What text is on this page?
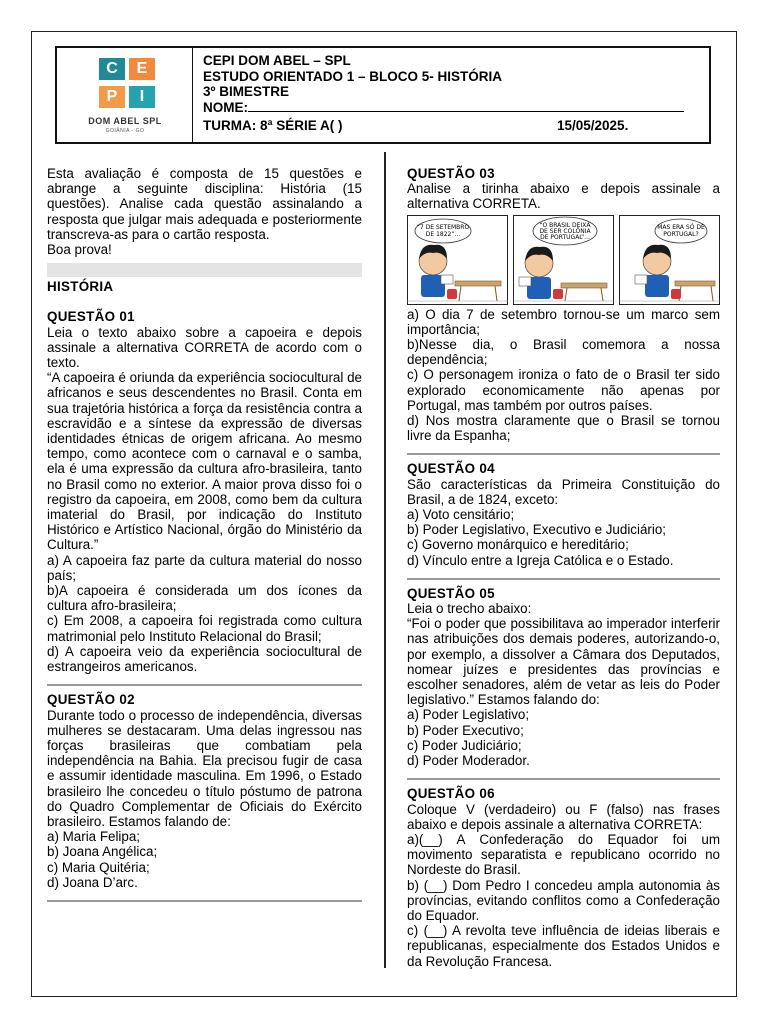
C	E
P	I
DOM ABEL SPL
GOIÂNIA - GO
CEPI DOM ABEL – SPL
ESTUDO ORIENTADO 1 – BLOCO 5- HISTÓRIA
3º BIMESTRE
NOME:
TURMA: 8ª SÉRIE A( )	15/05/2025.
Esta avaliação é composta de 15 questões e abrange a seguinte disciplina: História (15 questões). Analise cada questão assinalando a resposta que julgar mais adequada e posteriormente transcreva-as para o cartão resposta.
Boa prova!
HISTÓRIA
QUESTÃO 01
Leia o texto abaixo sobre a capoeira e depois assinale a alternativa CORRETA de acordo com o texto.
“A capoeira é oriunda da experiência sociocultural de africanos e seus descendentes no Brasil. Conta em sua trajetória histórica a força da resistência contra a escravidão e a síntese da expressão de diversas identidades étnicas de origem africana. Ao mesmo tempo, como acontece com o carnaval e o samba, ela é uma expressão da cultura afro-brasileira, tanto no Brasil como no exterior. A maior prova disso foi o registro da capoeira, em 2008, como bem da cultura imaterial do Brasil, por indicação do Instituto Histórico e Artístico Nacional, órgão do Ministério da Cultura.”
a) A capoeira faz parte da cultura material do nosso país;
b)A capoeira é considerada um dos ícones da cultura afro-brasileira;
c) Em 2008, a capoeira foi registrada como cultura matrimonial pelo Instituto Relacional do Brasil;
d) A capoeira veio da experiência sociocultural de estrangeiros americanos.
QUESTÃO 02
Durante todo o processo de independência, diversas mulheres se destacaram. Uma delas ingressou nas forças brasileiras que combatiam pela independência na Bahia. Ela precisou fugir de casa e assumir identidade masculina. Em 1996, o Estado brasileiro lhe concedeu o título póstumo de patrona do Quadro Complementar de Oficiais do Exército brasileiro. Estamos falando de:
a) Maria Felipa;
b) Joana Angélica;
c) Maria Quitéria;
d) Joana D’arc.
QUESTÃO 03
Analise a tirinha abaixo e depois assinale a alternativa CORRETA.
“7 DE SETEMBRO
DE 1822”...
“O BRASIL DEIXA
DE SER COLÔNIA
DE PORTUGAL”...
MAS ERA SÓ DE
PORTUGAL?
a) O dia 7 de setembro tornou-se um marco sem importância;
b)Nesse dia, o Brasil comemora a nossa dependência;
c) O personagem ironiza o fato de o Brasil ter sido explorado economicamente não apenas por Portugal, mas também por outros países.
d) Nos mostra claramente que o Brasil se tornou livre da Espanha;
QUESTÃO 04
São características da Primeira Constituição do Brasil, a de 1824, exceto:
a) Voto censitário;
b) Poder Legislativo, Executivo e Judiciário;
c) Governo monárquico e hereditário;
d) Vínculo entre a Igreja Católica e o Estado.
QUESTÃO 05
Leia o trecho abaixo:
“Foi o poder que possibilitava ao imperador interferir nas atribuições dos demais poderes, autorizando-o, por exemplo, a dissolver a Câmara dos Deputados, nomear juízes e presidentes das províncias e escolher senadores, além de vetar as leis do Poder legislativo.” Estamos falando do:
a) Poder Legislativo;
b) Poder Executivo;
c) Poder Judiciário;
d) Poder Moderador.
QUESTÃO 06
Coloque V (verdadeiro) ou F (falso) nas frases abaixo e depois assinale a alternativa CORRETA:
a)(__) A Confederação do Equador foi um movimento separatista e republicano ocorrido no Nordeste do Brasil.
b) (__) Dom Pedro I concedeu ampla autonomia às províncias, evitando conflitos como a Confederação do Equador.
c) (__) A revolta teve influência de ideias liberais e republicanas, especialmente dos Estados Unidos e da Revolução Francesa.
